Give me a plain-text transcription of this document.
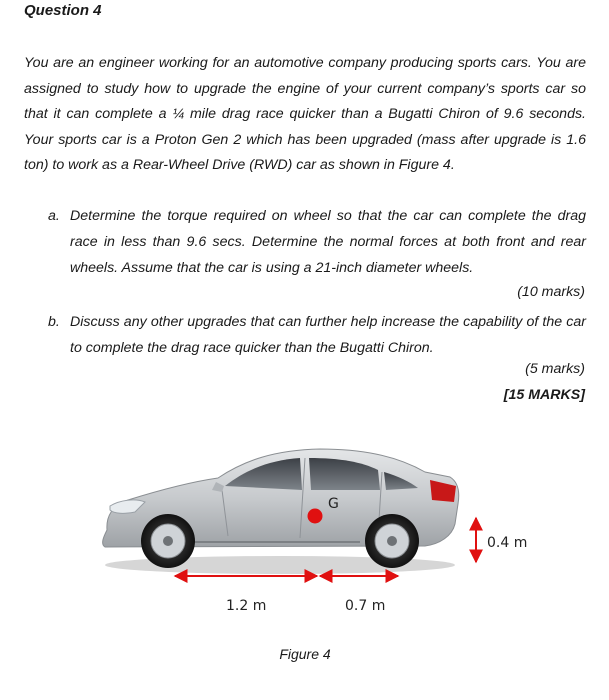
Question 4
You are an engineer working for an automotive company producing sports cars. You are assigned to study how to upgrade the engine of your current company’s sports car so that it can complete a ¼ mile drag race quicker than a Bugatti Chiron of 9.6 seconds. Your sports car is a Proton Gen 2 which has been upgraded (mass after upgrade is 1.6 ton) to work as a Rear-Wheel Drive (RWD) car as shown in Figure 4.
a. Determine the torque required on wheel so that the car can complete the drag race in less than 9.6 secs. Determine the normal forces at both front and rear wheels. Assume that the car is using a 21-inch diameter wheels.
(10 marks)
b. Discuss any other upgrades that can further help increase the capability of the car to complete the drag race quicker than the Bugatti Chiron.
(5 marks)
[15 MARKS]
G
0.4 m
1.2 m	0.7 m
Figure 4
